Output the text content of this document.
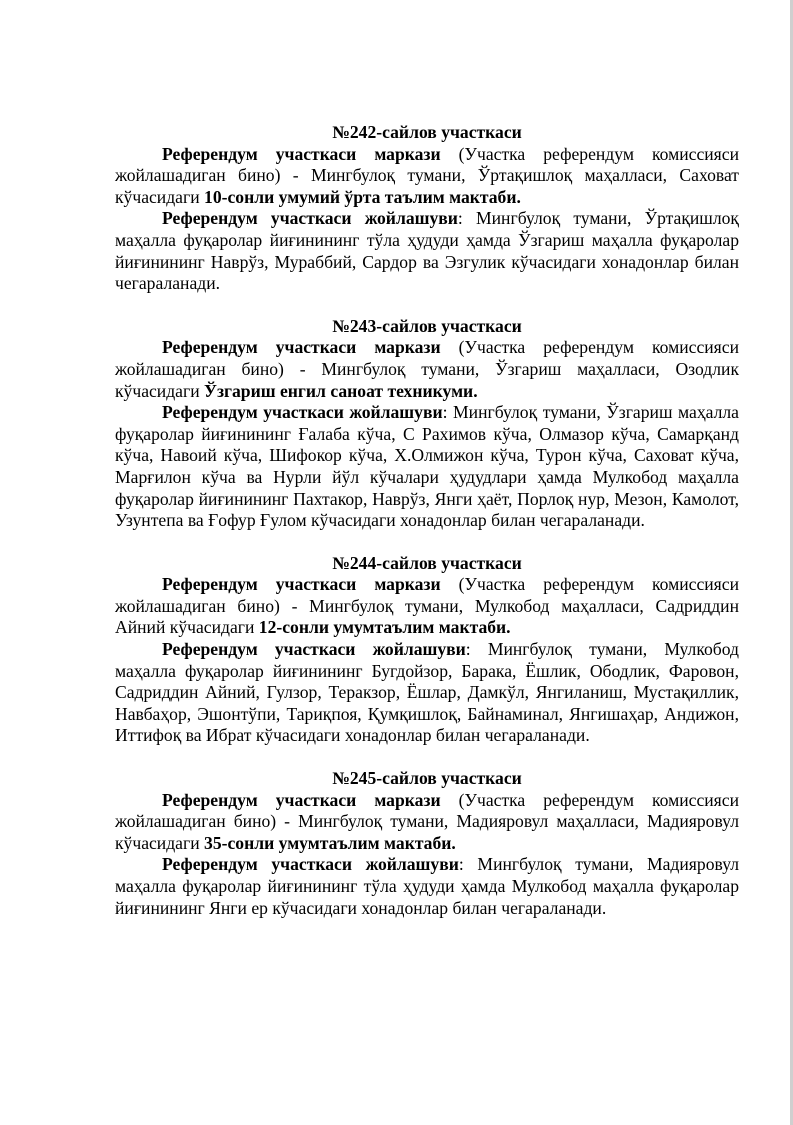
№242-сайлов участкаси

Референдум участкаси маркази (Участка референдум комиссияси жойлашадиган бино) - Мингбулоқ тумани, Ўртақишлоқ маҳалласи, Саховат кўчасидаги 10-сонли умумий ўрта таълим мактаби.

Референдум участкаси жойлашуви: Мингбулоқ тумани, Ўртақишлоқ маҳалла фуқаролар йиғинининг тўла ҳудуди ҳамда Ўзгариш маҳалла фуқаролар йиғинининг Наврўз, Мураббий, Сардор ва Эзгулик кўчасидаги хонадонлар билан чегараланади.

№243-сайлов участкаси

Референдум участкаси маркази (Участка референдум комиссияси жойлашадиган бино) - Мингбулоқ тумани, Ўзгариш маҳалласи, Озодлик кўчасидаги Ўзгариш енгил саноат техникуми.

Референдум участкаси жойлашуви: Мингбулоқ тумани, Ўзгариш маҳалла фуқаролар йиғинининг Ғалаба кўча, С Рахимов кўча, Олмазор кўча, Самарқанд кўча, Навоий кўча, Шифокор кўча, Х.Олмижон кўча, Турон кўча, Саховат кўча, Марғилон кўча ва Нурли йўл кўчалари ҳудудлари ҳамда Мулкобод маҳалла фуқаролар йиғинининг Пахтакор, Наврўз, Янги ҳаёт, Порлоқ нур, Мезон, Камолот, Узунтепа ва Ғофур Ғулом кўчасидаги хонадонлар билан чегараланади.

№244-сайлов участкаси

Референдум участкаси маркази (Участка референдум комиссияси жойлашадиган бино) - Мингбулоқ тумани, Мулкобод маҳалласи, Садриддин Айний кўчасидаги 12-сонли умумтаълим мактаби.

Референдум участкаси жойлашуви: Мингбулоқ тумани, Мулкобод маҳалла фуқаролар йиғинининг Бугдойзор, Барака, Ёшлик, Ободлик, Фаровон, Садриддин Айний, Гулзор, Теракзор, Ёшлар, Дамкўл, Янгиланиш, Мустақиллик, Навбаҳор, Эшонтўпи, Тариқпоя, Қумқишлоқ, Байнаминал, Янгишаҳар, Андижон, Иттифоқ ва Ибрат кўчасидаги хонадонлар билан чегараланади.

№245-сайлов участкаси

Референдум участкаси маркази (Участка референдум комиссияси жойлашадиган бино) - Мингбулоқ тумани, Мадияровул маҳалласи, Мадияровул кўчасидаги 35-сонли умумтаълим мактаби.

Референдум участкаси жойлашуви: Мингбулоқ тумани, Мадияровул маҳалла фуқаролар йиғинининг тўла ҳудуди ҳамда Мулкобод маҳалла фуқаролар йиғинининг Янги ер кўчасидаги хонадонлар билан чегараланади.
